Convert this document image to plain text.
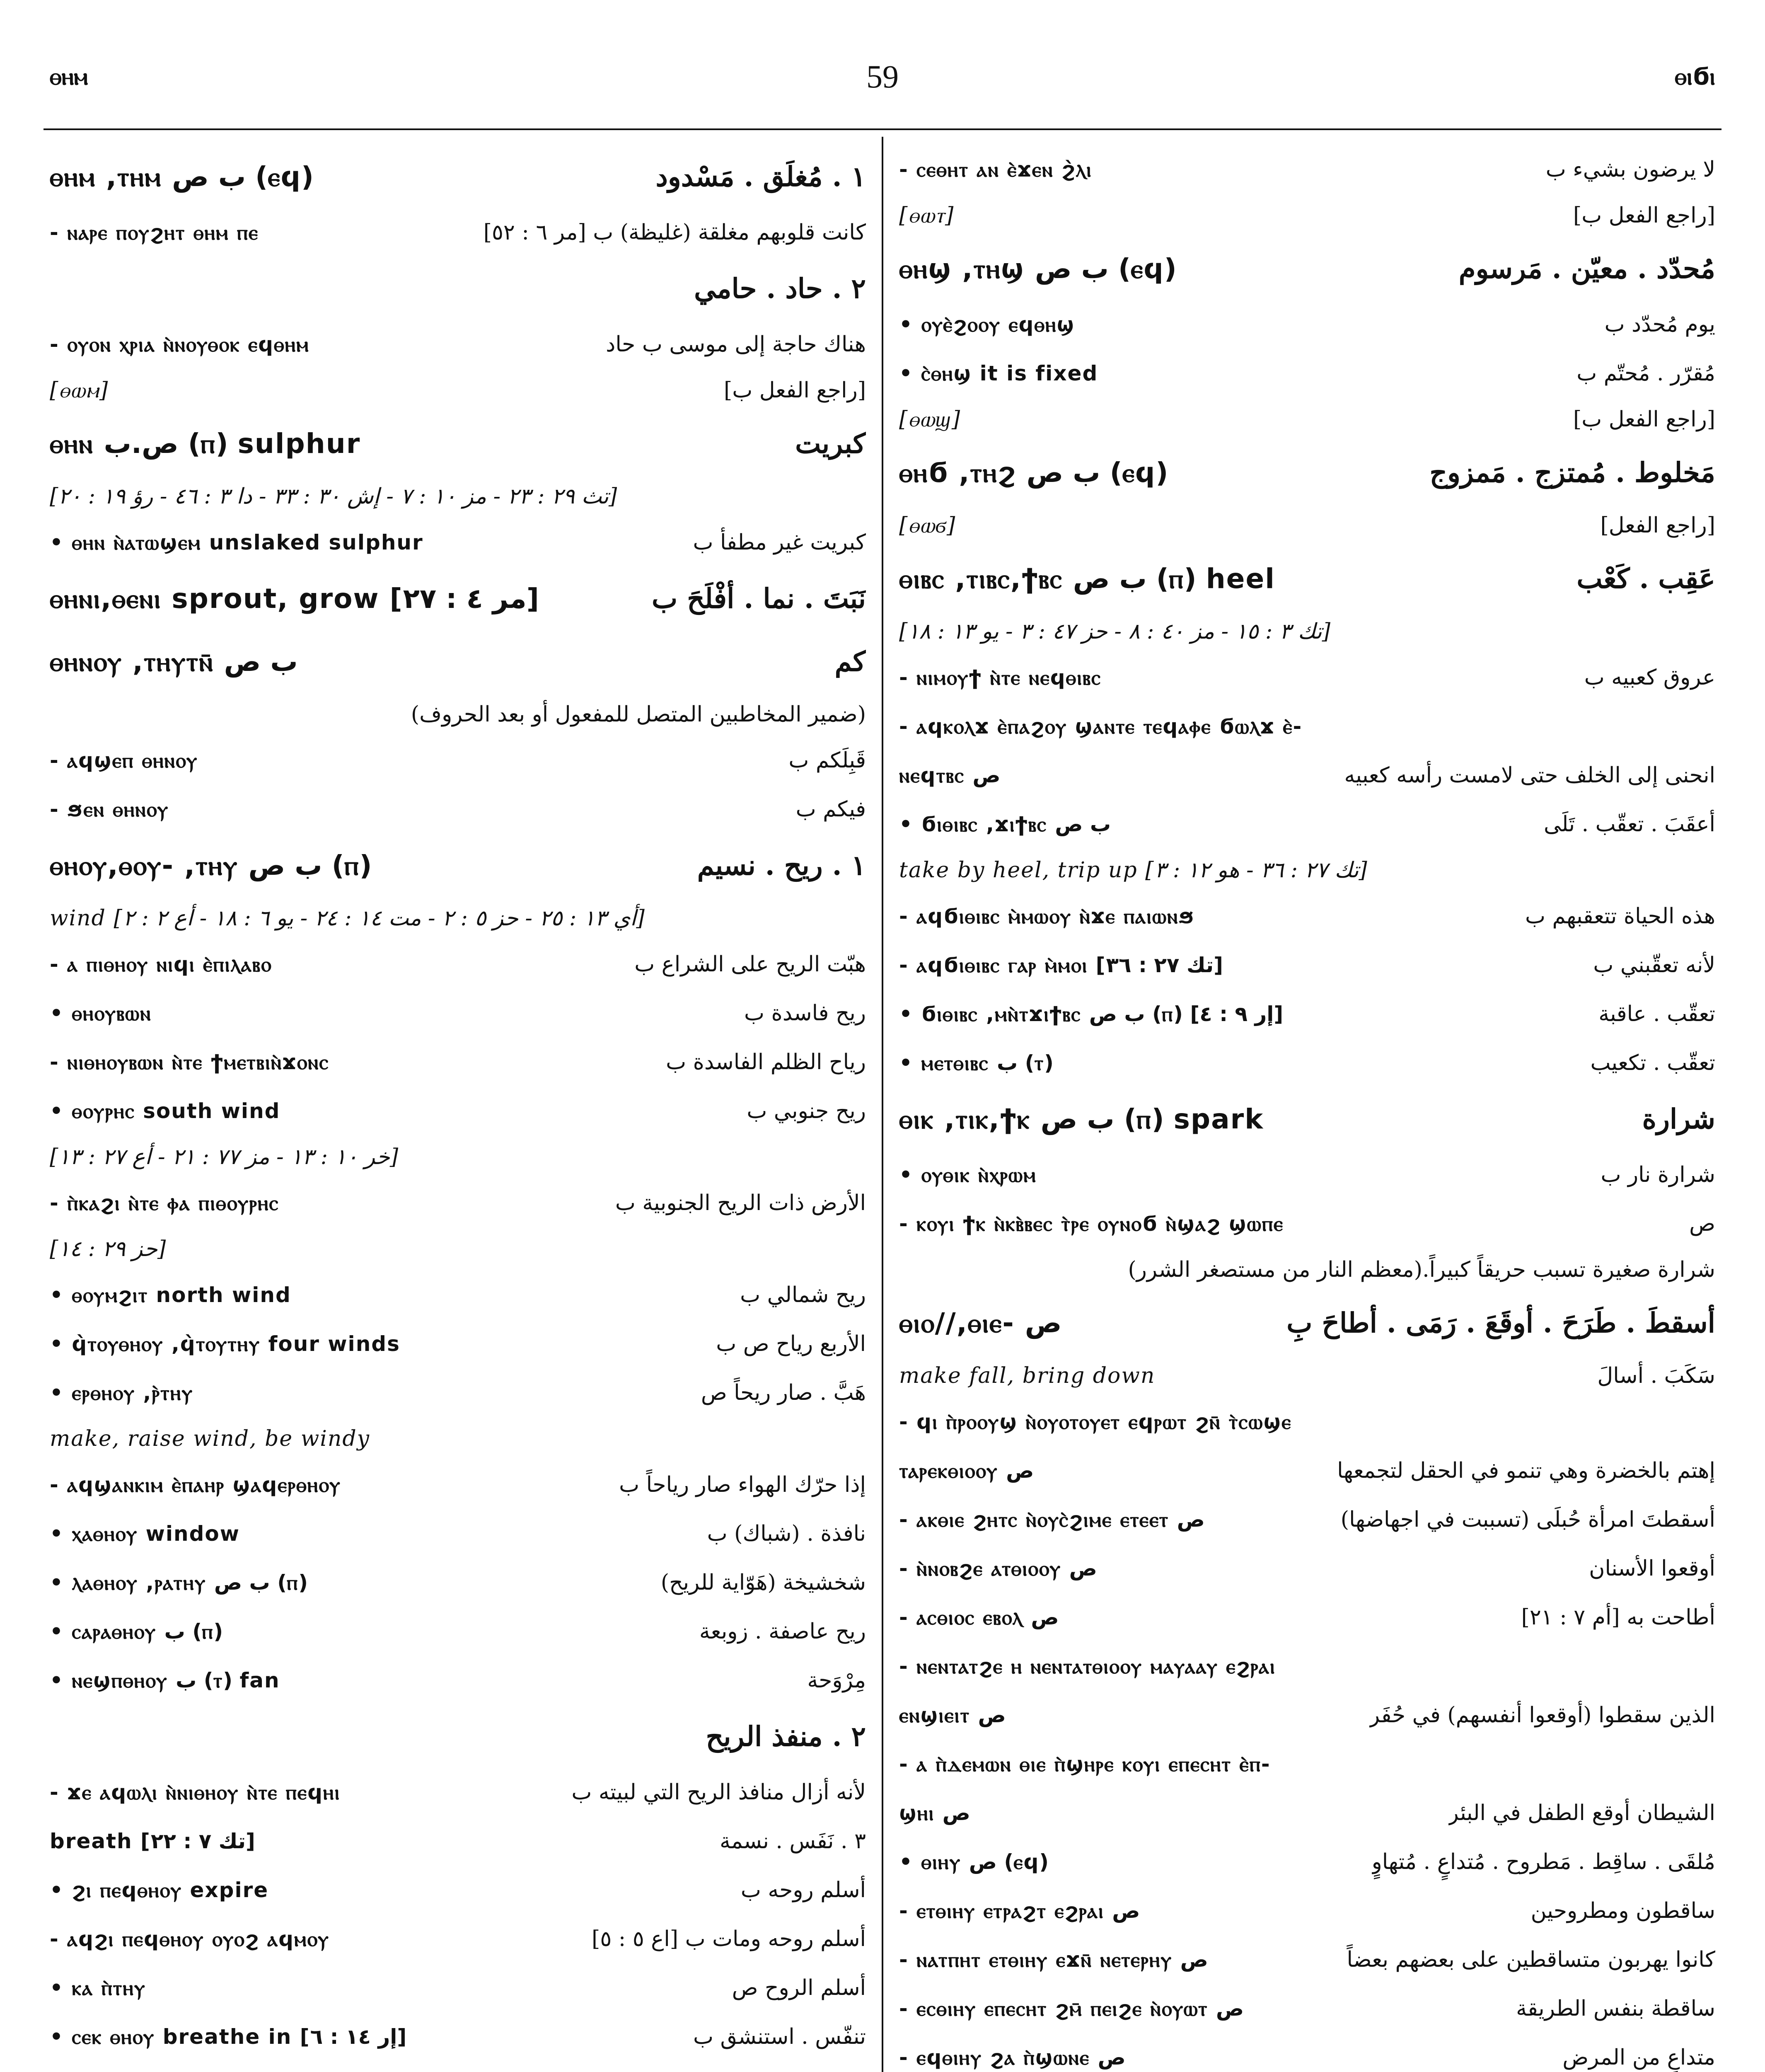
ⲑⲏⲙ	59	ⲑⲓϭⲓ
ⲑⲏⲙ ,ⲧⲏⲙ ب ص (ⲉϥ)	١ . مُغلَق . مَسْدود
- ⲛⲁⲣⲉ ⲡⲟⲩϩⲏⲧ ⲑⲏⲙ ⲡⲉ	كانت قلوبهم مغلقة (غليظة) ب [مر ٦ : ٥٢]
٢ . حاد . حامي
- ⲟⲩⲟⲛ ⲭⲣⲓⲁ ⲛ̀ⲛⲟⲩⲑⲟⲕ ⲉϥⲑⲏⲙ	هناك حاجة إلى موسى ب حاد
[ⲑⲱⲙ]	[راجع الفعل ب]
ⲑⲏⲛ ص.ب (ⲡ) sulphur	كبريت
[تث ٢٩ : ٢٣ - مز ١٠ : ٧ - إش ٣٠ : ٣٣ - دا ٣ : ٤٦ - رؤ ١٩ : ٢٠]
• ⲑⲏⲛ ⲛ̀ⲁⲧⲱϣⲉⲙ unslaked sulphur	كبريت غير مطفأ ب
ⲑⲏⲛⲓ,ⲑⲉⲛⲓ sprout, grow [مر ٤ : ٢٧]	نَبَتَ . نما . أفْلَحَ ب
ⲑⲏⲛⲟⲩ ,ⲧⲏⲩⲧⲛ̄ ب ص	كم
(ضمير المخاطبين المتصل للمفعول أو بعد الحروف)
- ⲁϥϣⲉⲡ ⲑⲏⲛⲟⲩ	قَبِلَكم ب
- ϧⲉⲛ ⲑⲏⲛⲟⲩ	فيكم ب
ⲑⲏⲟⲩ,ⲑⲟⲩ- ,ⲧⲏⲩ ب ص (ⲡ)	١ . ريح . نسيم
wind [أي ١٣ : ٢٥ - حز ٥ : ٢ - مت ١٤ : ٢٤ - يو ٦ : ١٨ - أع ٢ : ٢]
- ⲁ ⲡⲓⲑⲏⲟⲩ ⲛⲓϥⲓ ⲉ̀ⲡⲓⲗⲁⲃⲟ	هبّت الريح على الشراع ب
• ⲑⲏⲟⲩⲃⲱⲛ	ريح فاسدة ب
- ⲛⲓⲑⲏⲟⲩⲃⲱⲛ ⲛ̀ⲧⲉ ϯⲙⲉⲧⲃⲓⲛ̀ϫⲟⲛⲥ	رياح الظلم الفاسدة ب
• ⲑⲟⲩⲣⲏⲥ south wind	ريح جنوبي ب
[خر ١٠ : ١٣ - مز ٧٧ : ٢١ - أع ٢٧ : ١٣]
- ⲡ̀ⲕⲁϩⲓ ⲛ̀ⲧⲉ ⲫⲁ ⲡⲓⲑⲟⲩⲣⲏⲥ	الأرض ذات الريح الجنوبية ب
[حز ٢٩ : ١٤]
• ⲑⲟⲩⲙϩⲓⲧ north wind	ريح شمالي ب
• ϥ̀ⲧⲟⲩⲑⲏⲟⲩ ,ϥ̀ⲧⲟⲩⲧⲏⲩ four winds	الأربع رياح ص ب
• ⲉⲣⲑⲏⲟⲩ ,ⲣ̀ⲧⲏⲩ	هَبَّ . صار ريحاً ص
make, raise wind, be windy
- ⲁϥϣⲁⲛⲕⲓⲙ ⲉ̀ⲡⲁⲏⲣ ϣⲁϥⲉⲣⲑⲏⲟⲩ	إذا حرّك الهواء صار رياحاً ب
• ⲭⲁⲑⲏⲟⲩ window	نافذة . (شباك) ب
• ⲗⲁⲑⲏⲟⲩ ,ⲣⲁⲧⲏⲩ ب ص (ⲡ)	شخشيخة (هَوّاية للريح)
• ⲥⲁⲣⲁⲑⲏⲟⲩ ب (ⲡ)	ريح عاصفة . زوبعة
• ⲛⲉϣⲡⲑⲏⲟⲩ ب (ⲧ) fan	مِرْوَحة
٢ . منفذ الريح
- ϫⲉ ⲁϥⲱⲗⲓ ⲛ̀ⲛⲓⲑⲏⲟⲩ ⲛ̀ⲧⲉ ⲡⲉϥⲏⲓ	لأنه أزال منافذ الريح التي لبيته ب
breath [تك ٧ : ٢٢]	٣ . نَفَس . نسمة
• ϩⲓ ⲡⲉϥⲑⲏⲟⲩ expire	أسلم روحه ب
- ⲁϥϩⲓ ⲡⲉϥⲑⲏⲟⲩ ⲟⲩⲟϩ ⲁϥⲙⲟⲩ	أسلم روحه ومات ب [اع ٥ : ٥]
• ⲕⲁ ⲡ̀ⲧⲏⲩ	أسلم الروح ص
• ⲥⲉⲕ ⲑⲏⲟⲩ breathe in [إر ١٤ : ٦]	تنفّس . استنشق ب
- ⲥⲉⲑⲏⲧ ⲁⲛ ⲉ̀ϫⲉⲛ ϩ̀ⲗⲓ	لا يرضون بشيء ب
[ⲑⲱⲧ]	[راجع الفعل ب]
ⲑⲏϣ ,ⲧⲏϣ ب ص (ⲉϥ)	مُحدّد . معيّن . مَرسوم
• ⲟⲩⲉ̀ϩⲟⲟⲩ ⲉϥⲑⲏϣ	يوم مُحدّد ب
• ⲥ̀ⲑⲏϣ it is fixed	مُقرّر . مُحتّم ب
[ⲑⲱϣ]	[راجع الفعل ب]
ⲑⲏϭ ,ⲧⲏϩ ب ص (ⲉϥ)	مَخلوط . مُمتزج . مَمزوج
[ⲑⲱϭ]	[راجع الفعل]
ⲑⲓⲃⲥ ,ⲧⲓⲃⲥ,ϯⲃⲥ ب ص (ⲡ) heel	عَقِب . كَعْب
[تك ٣ : ١٥ - مز ٤٠ : ٨ - حز ٤٧ : ٣ - يو ١٣ : ١٨]
- ⲛⲓⲙⲟⲩϯ ⲛ̀ⲧⲉ ⲛⲉϥⲑⲓⲃⲥ	عروق كعبيه ب
- ⲁϥⲕⲟⲗϫ ⲉ̀ⲡⲁϩⲟⲩ ϣⲁⲛⲧⲉ ⲧⲉϥⲁⲫⲉ ϭⲱⲗϫ ⲉ̀-
ⲛⲉϥⲧⲃⲥ ص	انحنى إلى الخلف حتى لامست رأسه كعبيه
• ϭⲓⲑⲓⲃⲥ ,ϫⲓϯⲃⲥ ب ص	أعقَبَ . تعقّب . تَلَى
take by heel, trip up [تك ٢٧ : ٣٦ - هو ١٢ : ٣]
- ⲁϥϭⲓⲑⲓⲃⲥ ⲙ̀ⲙⲱⲟⲩ ⲛ̀ϫⲉ ⲡⲁⲓⲱⲛϧ	هذه الحياة تتعقبهم ب
- ⲁϥϭⲓⲑⲓⲃⲥ ⲅⲁⲣ ⲙ̀ⲙⲟⲓ [تك ٢٧ : ٣٦]	لأنه تعقّبني ب
• ϭⲓⲑⲓⲃⲥ ,ⲙⲛ̀ⲧϫⲓϯⲃⲥ ب ص (ⲡ) [إر ٩ : ٤]	تعقّب . عاقبة
• ⲙⲉⲧⲑⲓⲃⲥ ب (ⲧ)	تعقّب . تكعيب
ⲑⲓⲕ ,ⲧⲓⲕ,ϯⲕ ب ص (ⲡ) spark	شرارة
• ⲟⲩⲑⲓⲕ ⲛ̀ⲭⲣⲱⲙ	شرارة نار ب
- ⲕⲟⲩⲓ ϯⲕ ⲛ̀ⲕⲃ̀ⲃⲉⲥ ⲧ̀ⲣⲉ ⲟⲩⲛⲟϭ ⲛ̀ϣⲁϩ ϣⲱⲡⲉ	ص
شرارة صغيرة تسبب حريقاً كبيراً.(معظم النار من مستصغر الشرر)
ⲑⲓⲟ//,ⲑⲓⲉ- ص	أسقطَ . طَرَحَ . أوقَعَ . رَمَى . أطاحَ بِ
make fall, bring down	سَكَبَ . أسالَ
- ϥⲓ ⲡ̀ⲣⲟⲟⲩϣ ⲛ̀ⲟⲩⲟⲧⲟⲩⲉⲧ ⲉϥⲣⲱⲧ ϩⲛ̄ ⲧ̀ⲥⲱϣⲉ
ⲧⲁⲣⲉⲕⲑⲓⲟⲟⲩ ص	إهتم بالخضرة وهي تنمو في الحقل لتجمعها
- ⲁⲕⲑⲓⲉ ϩⲏⲧⲥ ⲛ̀ⲟⲩⲥ̀ϩⲓⲙⲉ ⲉⲧⲉⲉⲧ ص	أسقطتَ امرأة حُبلَى (تسببت في اجهاضها)
- ⲛ̀ⲛⲟⲃϩⲉ ⲁⲧⲑⲓⲟⲟⲩ ص	أوقعوا الأسنان
- ⲁⲥⲑⲓⲟⲥ ⲉⲃⲟⲗ ص	أطاحت به [أم ٧ : ٢١]
- ⲛⲉⲛⲧⲁⲧϩⲉ ⲏ ⲛⲉⲛⲧⲁⲧⲑⲓⲟⲟⲩ ⲙⲁⲩⲁⲁⲩ ⲉϩⲣⲁⲓ
ⲉⲛϣⲓⲉⲓⲧ ص	الذين سقطوا (أوقعوا أنفسهم) في حُفَر
- ⲁ ⲡ̀ⲇⲉⲙⲱⲛ ⲑⲓⲉ ⲡ̀ϣⲏⲣⲉ ⲕⲟⲩⲓ ⲉⲡⲉⲥⲏⲧ ⲉ̀ⲡ-
ϣⲏⲓ ص	الشيطان أوقع الطفل في البئر
• ⲑⲓⲏⲩ ص (ⲉϥ)	مُلقَى . ساقِط . مَطروح . مُتداعٍ . مُتهاوٍ
- ⲉⲧⲑⲓⲏⲩ ⲉⲧⲣⲁϩⲧ ⲉϩⲣⲁⲓ ص	ساقطون ومطروحين
- ⲛⲁⲧⲡⲏⲧ ⲉⲧⲑⲓⲏⲩ ⲉϫⲛ̄ ⲛⲉⲧⲉⲣⲏⲩ ص	كانوا يهربون متساقطين على بعضهم بعضاً
- ⲉⲥⲑⲓⲏⲩ ⲉⲡⲉⲥⲏⲧ ϩⲙ̄ ⲡⲉⲓϩⲉ ⲛ̀ⲟⲩⲱⲧ ص	ساقطة بنفس الطريقة
- ⲉϥⲑⲓⲏⲩ ϩⲁ ⲡ̀ϣⲱⲛⲉ ص	متداعٍ من المرض
